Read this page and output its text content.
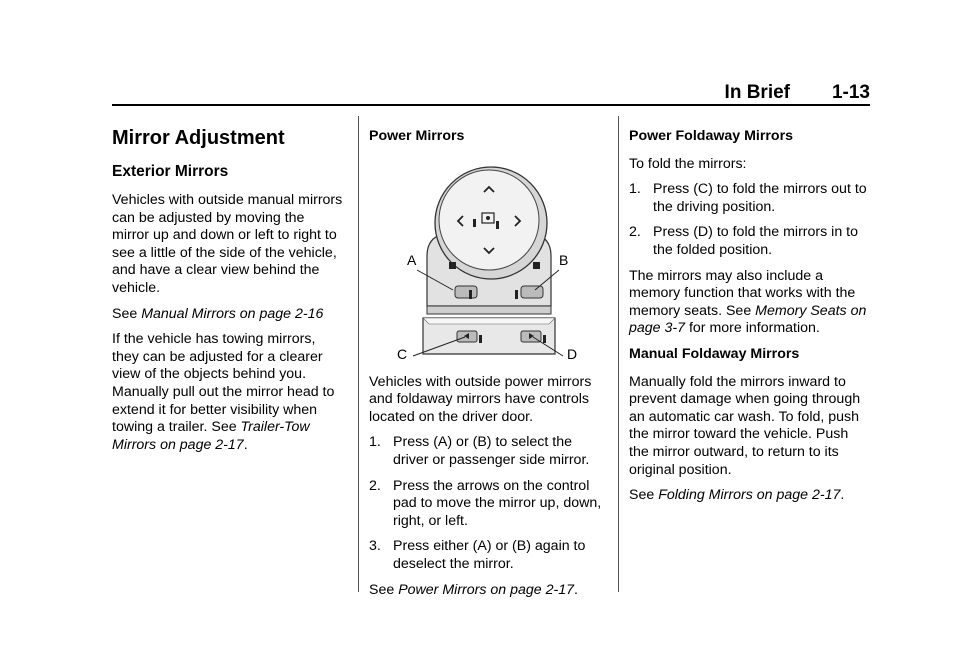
In Brief 1-13
Mirror Adjustment
Exterior Mirrors

Vehicles with outside manual mirrors can be adjusted by moving the mirror up and down or left to right to see a little of the side of the vehicle, and have a clear view behind the vehicle.

See Manual Mirrors on page 2-16

If the vehicle has towing mirrors, they can be adjusted for a clearer view of the objects behind you. Manually pull out the mirror head to extend it for better visibility when towing a trailer. See Trailer-Tow Mirrors on page 2-17.

Power Mirrors
A	B
C	D

Vehicles with outside power mirrors and foldaway mirrors have controls located on the driver door.

1. Press (A) or (B) to select the driver or passenger side mirror.
2. Press the arrows on the control pad to move the mirror up, down, right, or left.
3. Press either (A) or (B) again to deselect the mirror.

See Power Mirrors on page 2-17.

Power Foldaway Mirrors

To fold the mirrors:

1. Press (C) to fold the mirrors out to the driving position.
2. Press (D) to fold the mirrors in to the folded position.

The mirrors may also include a memory function that works with the memory seats. See Memory Seats on page 3-7 for more information.

Manual Foldaway Mirrors

Manually fold the mirrors inward to prevent damage when going through an automatic car wash. To fold, push the mirror toward the vehicle. Push the mirror outward, to return to its original position.

See Folding Mirrors on page 2-17.
